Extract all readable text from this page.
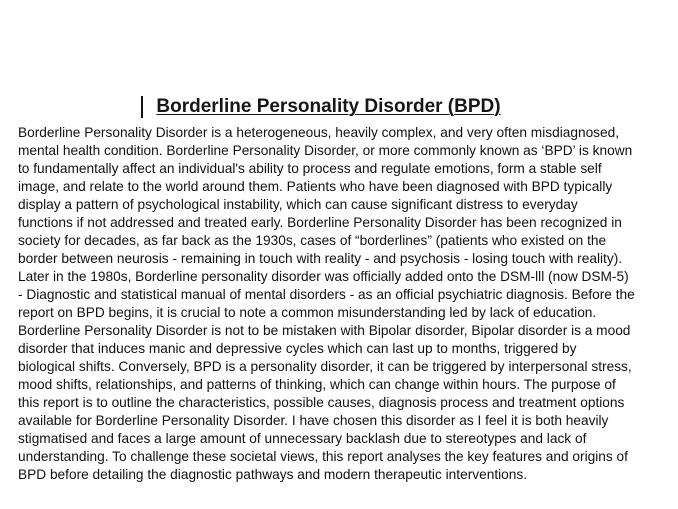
Borderline Personality Disorder (BPD)
Borderline Personality Disorder is a heterogeneous, heavily complex, and very often misdiagnosed,
mental health condition. Borderline Personality Disorder, or more commonly known as ‘BPD’ is known
to fundamentally affect an individual's ability to process and regulate emotions, form a stable self
image, and relate to the world around them. Patients who have been diagnosed with BPD typically
display a pattern of psychological instability, which can cause significant distress to everyday
functions if not addressed and treated early. Borderline Personality Disorder has been recognized in
society for decades, as far back as the 1930s, cases of “borderlines” (patients who existed on the
border between neurosis - remaining in touch with reality - and psychosis - losing touch with reality).
Later in the 1980s, Borderline personality disorder was officially added onto the DSM-lll (now DSM-5)
- Diagnostic and statistical manual of mental disorders - as an official psychiatric diagnosis. Before the
report on BPD begins, it is crucial to note a common misunderstanding led by lack of education.
Borderline Personality Disorder is not to be mistaken with Bipolar disorder, Bipolar disorder is a mood
disorder that induces manic and depressive cycles which can last up to months, triggered by
biological shifts. Conversely, BPD is a personality disorder, it can be triggered by interpersonal stress,
mood shifts, relationships, and patterns of thinking, which can change within hours. The purpose of
this report is to outline the characteristics, possible causes, diagnosis process and treatment options
available for Borderline Personality Disorder. I have chosen this disorder as I feel it is both heavily
stigmatised and faces a large amount of unnecessary backlash due to stereotypes and lack of
understanding. To challenge these societal views, this report analyses the key features and origins of
BPD before detailing the diagnostic pathways and modern therapeutic interventions.
